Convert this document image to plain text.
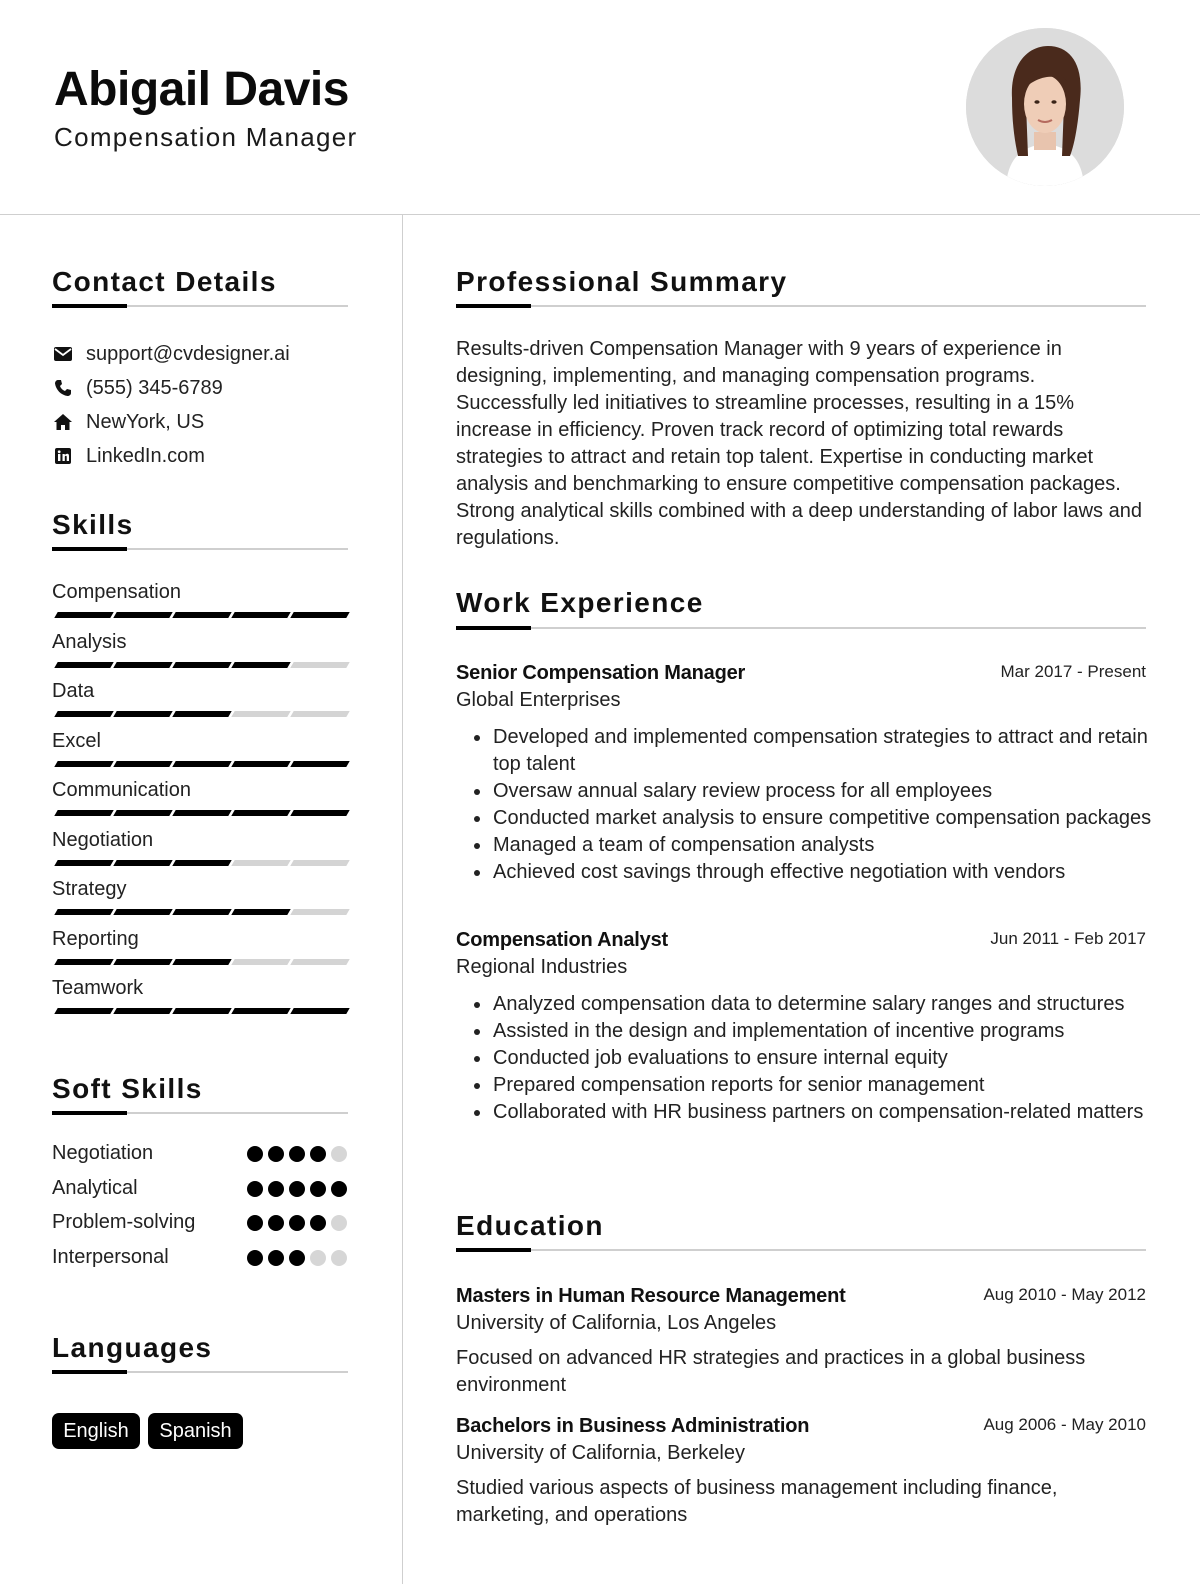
Abigail Davis
Compensation Manager
Contact Details
support@cvdesigner.ai
(555) 345-6789
NewYork, US
LinkedIn.com
Skills
Compensation
Analysis
Data
Excel
Communication
Negotiation
Strategy
Reporting
Teamwork
Soft Skills
Negotiation
Analytical
Problem-solving
Interpersonal
Languages
English	Spanish
Professional Summary
Results-driven Compensation Manager with 9 years of experience in designing, implementing, and managing compensation programs. Successfully led initiatives to streamline processes, resulting in a 15% increase in efficiency. Proven track record of optimizing total rewards strategies to attract and retain top talent. Expertise in conducting market analysis and benchmarking to ensure competitive compensation packages. Strong analytical skills combined with a deep understanding of labor laws and regulations.
Work Experience
Senior Compensation Manager	Mar 2017 - Present
Global Enterprises
Developed and implemented compensation strategies to attract and retain top talent
Oversaw annual salary review process for all employees
Conducted market analysis to ensure competitive compensation packages
Managed a team of compensation analysts
Achieved cost savings through effective negotiation with vendors
Compensation Analyst	Jun 2011 - Feb 2017
Regional Industries
Analyzed compensation data to determine salary ranges and structures
Assisted in the design and implementation of incentive programs
Conducted job evaluations to ensure internal equity
Prepared compensation reports for senior management
Collaborated with HR business partners on compensation-related matters
Education
Masters in Human Resource Management	Aug 2010 - May 2012
University of California, Los Angeles
Focused on advanced HR strategies and practices in a global business environment
Bachelors in Business Administration	Aug 2006 - May 2010
University of California, Berkeley
Studied various aspects of business management including finance, marketing, and operations
